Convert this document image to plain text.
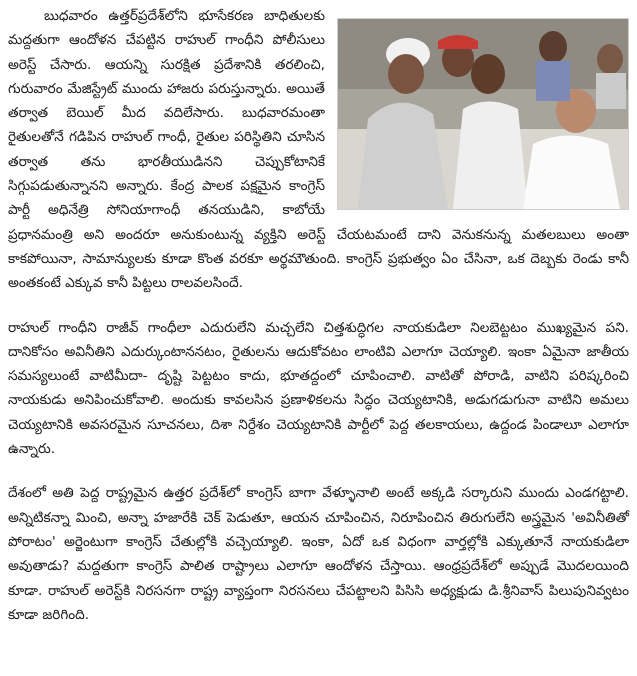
బుధవారం ఉత్తర్‌ప్రదేశ్‌లోని భూసేకరణ బాధితులకు మద్దతుగా ఆందోళన చేపట్టిన రాహుల్ గాంధీని పోలీసులు అరెస్ట్ చేసారు. ఆయన్ని సురక్షిత ప్రదేశానికి తరలించి, గురువారం మేజిస్ట్రేట్ ముందు హాజరు పరుస్తున్నారు. అయితే తర్వాత బెయిల్ మీద వదిలేసారు. బుధవారమంతా రైతులతోనే గడిపిన రాహుల్ గాంధీ, రైతుల పరిస్థితిని చూసిన తర్వాత తను భారతీయుడినని చెప్పుకోటానికే సిగ్గుపడుతున్నానని అన్నారు. కేంద్ర పాలక పక్షమైన కాంగ్రెస్ పార్టీ అధినేత్రి సోనియాగాంధీ తనయుడిని, కాబోయే ప్రధానమంత్రి అని అందరూ అనుకుంటున్న వ్యక్తిని అరెస్ట్ చేయటమంటే దాని వెనుకనున్న మతలబులు అంతా కాకపోయినా, సామాన్యులకు కూడా కొంత వరకూ అర్థమౌతుంది. కాంగ్రెస్ ప్రభుత్వం ఏం చేసినా, ఒక దెబ్బకు రెండు కానీ అంతకంటే ఎక్కువ కానీ పిట్టలు రాలవలసిందే.

రాహుల్ గాంధీని రాజీవ్ గాంధీలా ఎదురులేని మచ్చలేని చిత్తశుద్ధిగల నాయకుడిలా నిలబెట్టటం ముఖ్యమైన పని. దానికోసం అవినీతిని ఎదుర్కుంటాననటం, రైతులను ఆదుకోవటం లాంటివి ఎలాగూ చెయ్యాలి. ఇంకా ఏమైనా జాతీయ సమస్యలుంటే వాటిమీదా- దృష్టి పెట్టటం కాదు, భూతద్దంలో చూపించాలి. వాటితో పోరాడి, వాటిని పరిష్కరించి నాయకుడు అనిపించుకోవాలి. అందుకు కావలసిన ప్రణాళికలను సిద్ధం చెయ్యటానికి, అడుగడుగునా వాటిని అమలు చెయ్యటానికి అవసరమైన సూచనలు, దిశా నిర్దేశం చెయ్యటానికి పార్టీలో పెద్ద తలకాయలు, ఉద్దండ పిండాలూ ఎలాగూ ఉన్నారు.

దేశంలో అతి పెద్ద రాష్ట్రమైన ఉత్తర ప్రదేశ్‌లో కాంగ్రెస్ బాగా వేళ్ళూనాలి అంటే అక్కడి సర్కారుని ముందు ఎండగట్టాలి. అన్నిటికన్నా మించి, అన్నా హజారేకి చెక్ పెడుతూ, ఆయన చూపించిన, నిరూపించిన తిరుగులేని అస్త్రమైన 'అవినీతితో పోరాటం' అర్జెంటుగా కాంగ్రెస్ చేతుల్లోకి వచ్చెయ్యాలి. ఇంకా, ఏదో ఒక విధంగా వార్తల్లోకి ఎక్కుతూనే నాయకుడిలా అవుతాడు? మద్దతుగా కాంగ్రెస్ పాలిత రాష్ట్రాలు ఎలాగూ ఆందోళన చేస్తాయి. ఆంధ్రప్రదేశ్‌లో అప్పుడే మొదలయింది కూడా. రాహుల్ అరెస్ట్‌కి నిరసనగా రాష్ట్ర వ్యాప్తంగా నిరసనలు చేపట్టాలని పిసిసి అధ్యక్షుడు డి.శ్రీనివాస్ పిలుపునివ్వటం కూడా జరిగింది.
